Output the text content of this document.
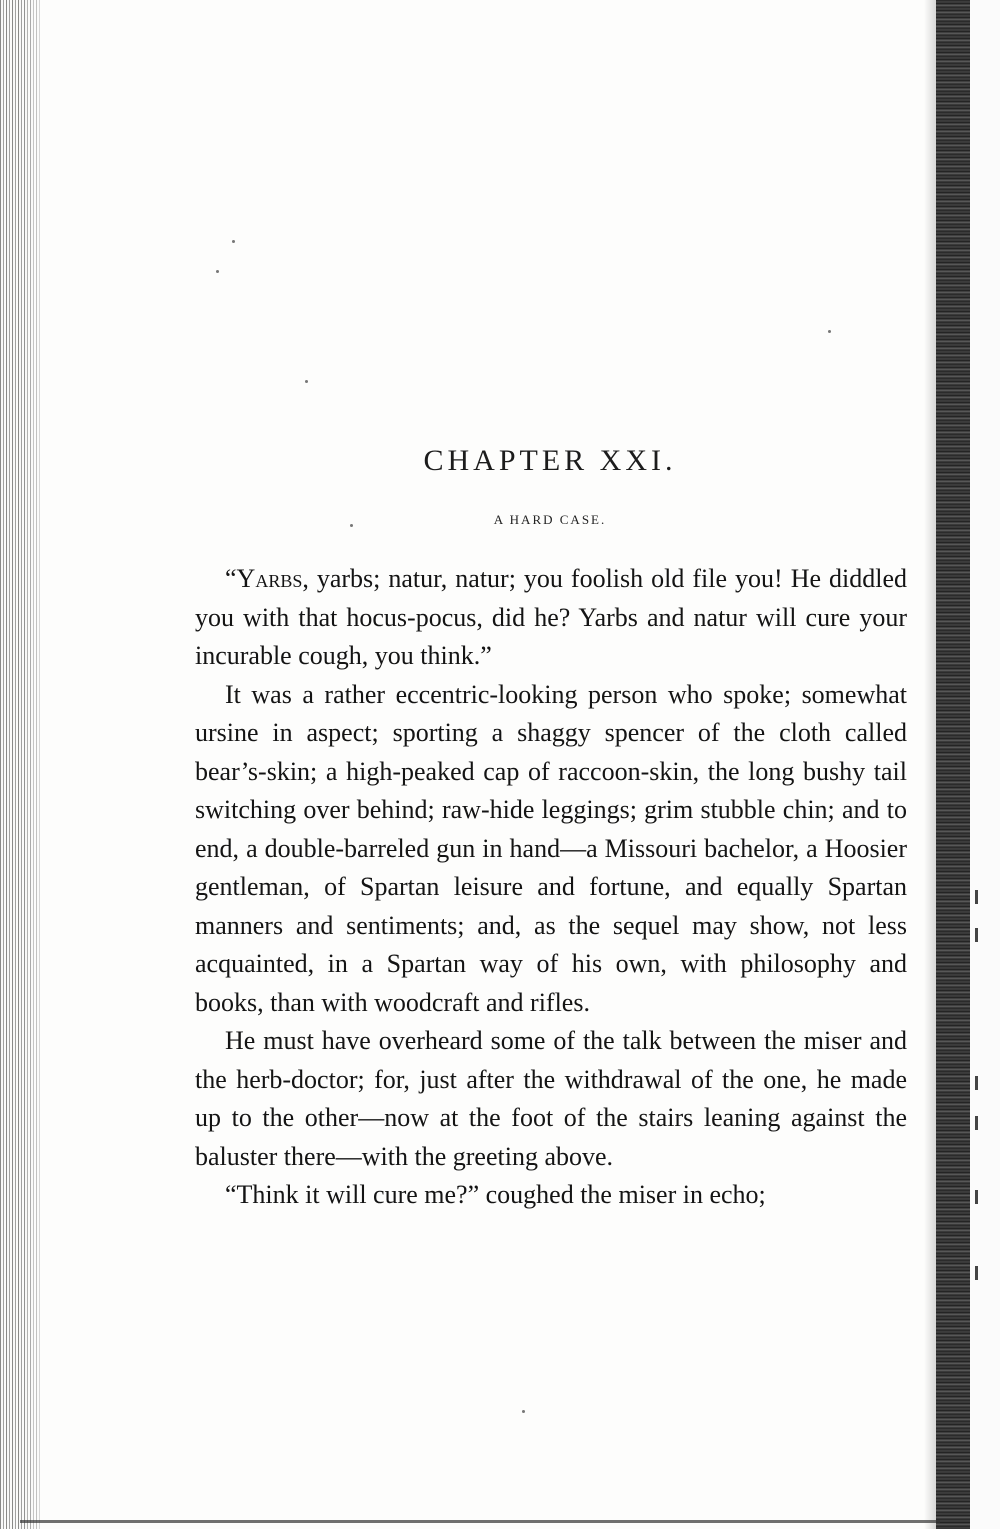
CHAPTER XXI.
A HARD CASE.

“Yarbs, yarbs; natur, natur; you foolish old file you! He diddled you with that hocus-pocus, did he? Yarbs and natur will cure your incurable cough, you think.”

It was a rather eccentric-looking person who spoke; somewhat ursine in aspect; sporting a shaggy spencer of the cloth called bear’s-skin; a high-peaked cap of raccoon-skin, the long bushy tail switching over behind; raw-hide leggings; grim stubble chin; and to end, a double-barreled gun in hand—a Missouri bachelor, a Hoosier gentleman, of Spartan leisure and fortune, and equally Spartan manners and sentiments; and, as the sequel may show, not less acquainted, in a Spartan way of his own, with philosophy and books, than with woodcraft and rifles.

He must have overheard some of the talk between the miser and the herb-doctor; for, just after the withdrawal of the one, he made up to the other—now at the foot of the stairs leaning against the baluster there—with the greeting above.

“Think it will cure me?” coughed the miser in echo;
